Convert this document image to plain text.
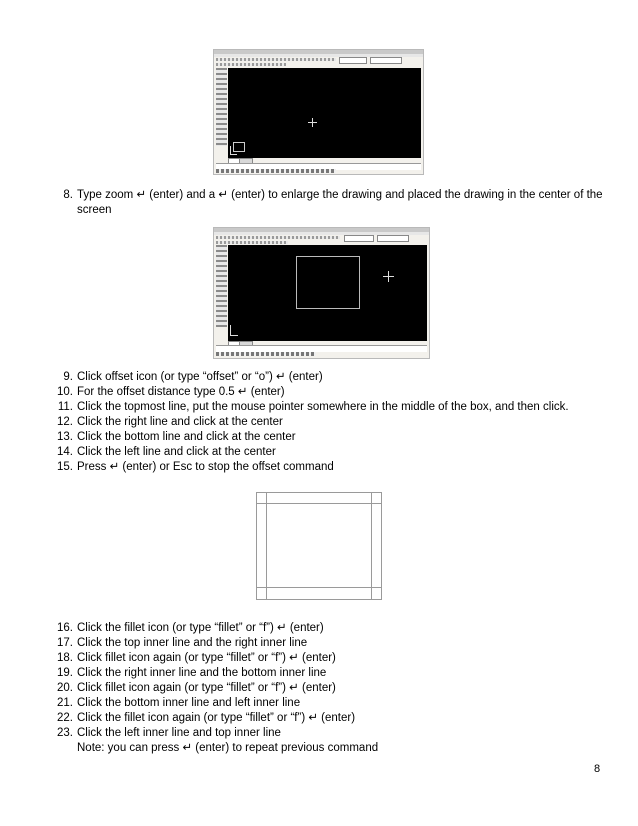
8. Type zoom ↵ (enter) and a ↵ (enter) to enlarge the drawing and placed the drawing in the center of the screen
9. Click offset icon (or type “offset” or “o”) ↵ (enter)
10. For the offset distance type 0.5 ↵ (enter)
11. Click the topmost line, put the mouse pointer somewhere in the middle of the box, and then click.
12. Click the right line and click at the center
13. Click the bottom line and click at the center
14. Click the left line and click at the center
15. Press ↵ (enter) or Esc to stop the offset command
16. Click the fillet icon (or type “fillet” or “f”) ↵ (enter)
17. Click the top inner line and the right inner line
18. Click fillet icon again (or type “fillet” or “f”) ↵ (enter)
19. Click the right inner line and the bottom inner line
20. Click fillet icon again (or type “fillet” or “f”) ↵ (enter)
21. Click the bottom inner line and left inner line
22. Click the fillet icon again (or type “fillet” or “f”) ↵ (enter)
23. Click the left inner line and top inner line
Note: you can press ↵ (enter) to repeat previous command
8
